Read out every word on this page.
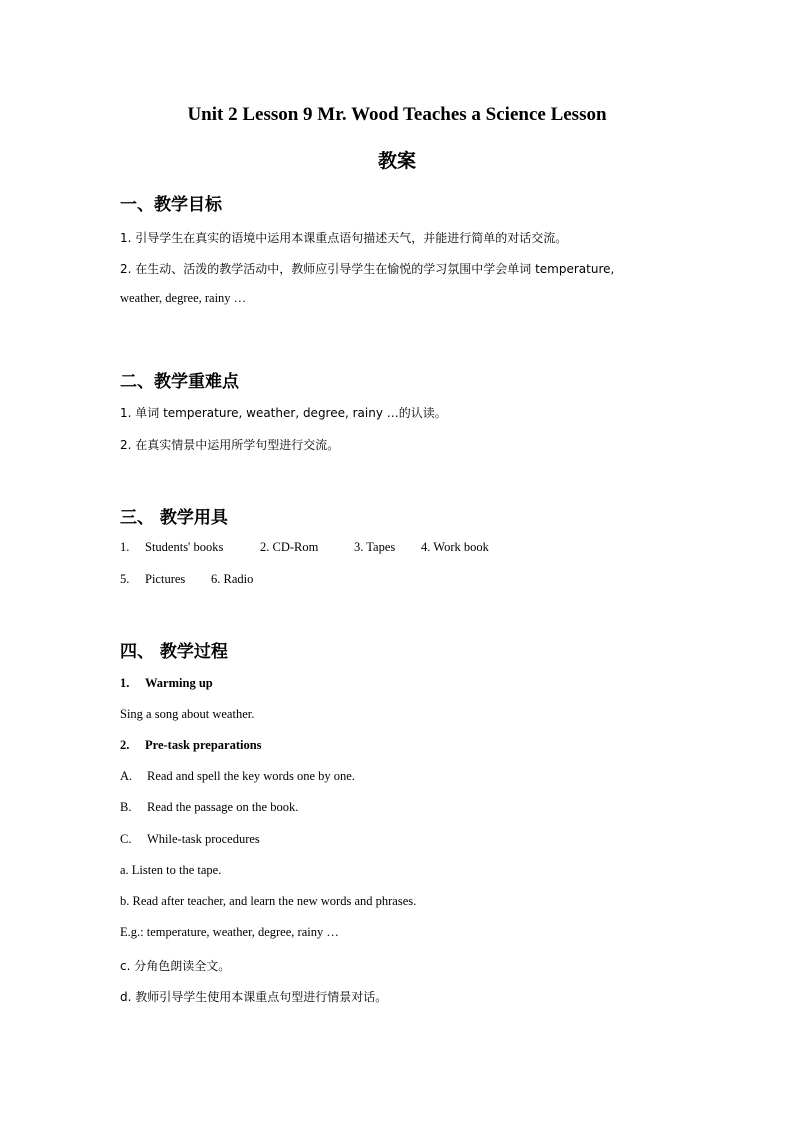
Unit 2 Lesson 9 Mr. Wood Teaches a Science Lesson
教案
一、教学目标
1. 引导学生在真实的语境中运用本课重点语句描述天气，并能进行简单的对话交流。
2. 在生动、活泼的教学活动中，教师应引导学生在愉悦的学习氛围中学会单词 temperature,
weather, degree, rainy …
二、教学重难点
1. 单词 temperature, weather, degree, rainy …的认读。
2. 在真实情景中运用所学句型进行交流。
三、 教学用具
1. Students' books	2. CD-Rom	3. Tapes 4. Work book
5. Pictures 6. Radio
四、 教学过程
1. Warming up
Sing a song about weather.
2. Pre-task preparations
A. Read and spell the key words one by one.
B. Read the passage on the book.
C. While-task procedures
a. Listen to the tape.
b. Read after teacher, and learn the new words and phrases.
E.g.: temperature, weather, degree, rainy …
c. 分角色朗读全文。
d. 教师引导学生使用本课重点句型进行情景对话。
